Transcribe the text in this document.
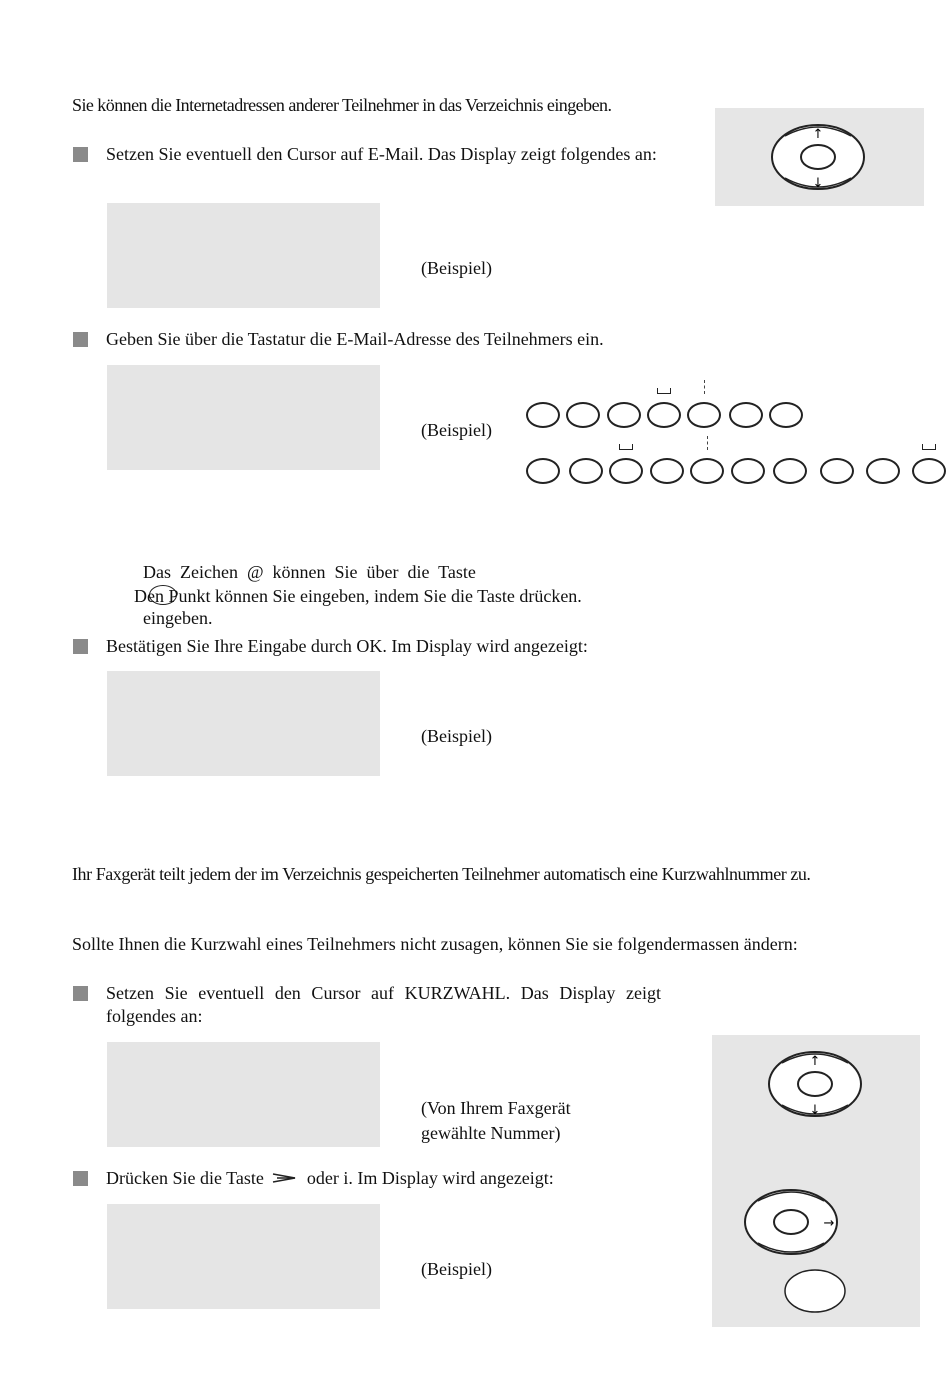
Sie können die Internetadressen anderer Teilnehmer in das Verzeichnis eingeben.
↑
↓
Setzen Sie eventuell den Cursor auf E-Mail. Das Display zeigt folgendes an:
(Beispiel)
Geben Sie über die Tastatur die E-Mail-Adresse des Teilnehmers ein.
(Beispiel)

Das  Zeichen  @  können  Sie  über  die  Taste

eingeben.

Den Punkt können Sie eingeben, indem Sie die Taste drücken.
Bestätigen Sie Ihre Eingabe durch OK. Im Display wird angezeigt:
(Beispiel)
Ihr Faxgerät teilt jedem der im Verzeichnis gespeicherten Teilnehmer automatisch eine Kurzwahlnummer zu.
Sollte Ihnen die Kurzwahl eines Teilnehmers nicht zusagen, können Sie sie folgendermassen ändern:
Setzen Sie eventuell den Cursor auf KURZWAHL. Das Display zeigt folgendes an:
(Von Ihrem Faxgerät gewählte Nummer)
↑
↓
→
Drücken Sie die Taste oder i. Im Display wird angezeigt:
(Beispiel)
